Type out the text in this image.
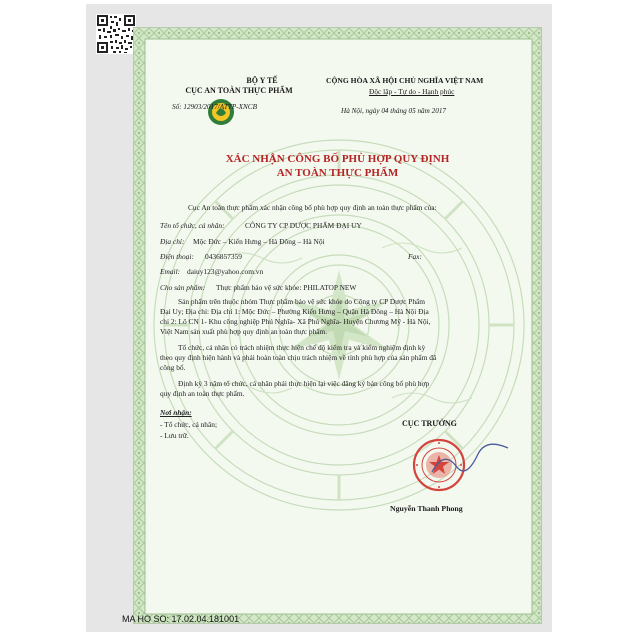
BỘ Y TẾ
CỤC AN TOÀN THỰC PHẨM
Số: 12903/2017/ATTP-XNCB
CỘNG HÒA XÃ HỘI CHỦ NGHĨA VIỆT NAM
Độc lập - Tự do - Hạnh phúc
Hà Nội, ngày 04 tháng 05 năm 2017
XÁC NHẬN CÔNG BỐ PHÙ HỢP QUY ĐỊNH
AN TOÀN THỰC PHẨM
Cục An toàn thực phẩm xác nhận công bố phù hợp quy định an toàn thực phẩm của:
Tên tổ chức, cá nhân:	CÔNG TY CP DƯỢC PHẨM ĐẠI UY
Địa chỉ: Mộc Đức – Kiến Hưng – Hà Đông – Hà Nội
Điện thoại: 0436857359	Fax:
Email: daiuy123@yahoo.com.vn
Cho sản phẩm: Thực phẩm bảo vệ sức khỏe: PHILATOP NEW
Sản phẩm trên thuộc nhóm Thực phẩm bảo vệ sức khỏe do Công ty CP Dược Phẩm
Đại Uy; Địa chỉ: Địa chỉ 1: Mộc Đức – Phường Kiến Hưng – Quận Hà Đông – Hà Nội Địa
chỉ 2: Lô CN 1- Khu công nghiệp Phú Nghĩa- Xã Phú Nghĩa- Huyện Chương Mỹ - Hà Nội,
Việt Nam sản xuất phù hợp quy định an toàn thực phẩm.
Tổ chức, cá nhân có trách nhiệm thực hiện chế độ kiểm tra và kiểm nghiệm định kỳ
theo quy định hiện hành và phải hoàn toàn chịu trách nhiệm về tính phù hợp của sản phẩm đã
công bố.
Định kỳ 3 năm tổ chức, cá nhân phải thực hiện lại việc đăng ký bản công bố phù hợp
quy định an toàn thực phẩm.
Nơi nhận:
- Tổ chức, cá nhân;
- Lưu trữ.
CỤC TRƯỞNG
Nguyễn Thanh Phong
MA HO SO: 17.02.04.181001
